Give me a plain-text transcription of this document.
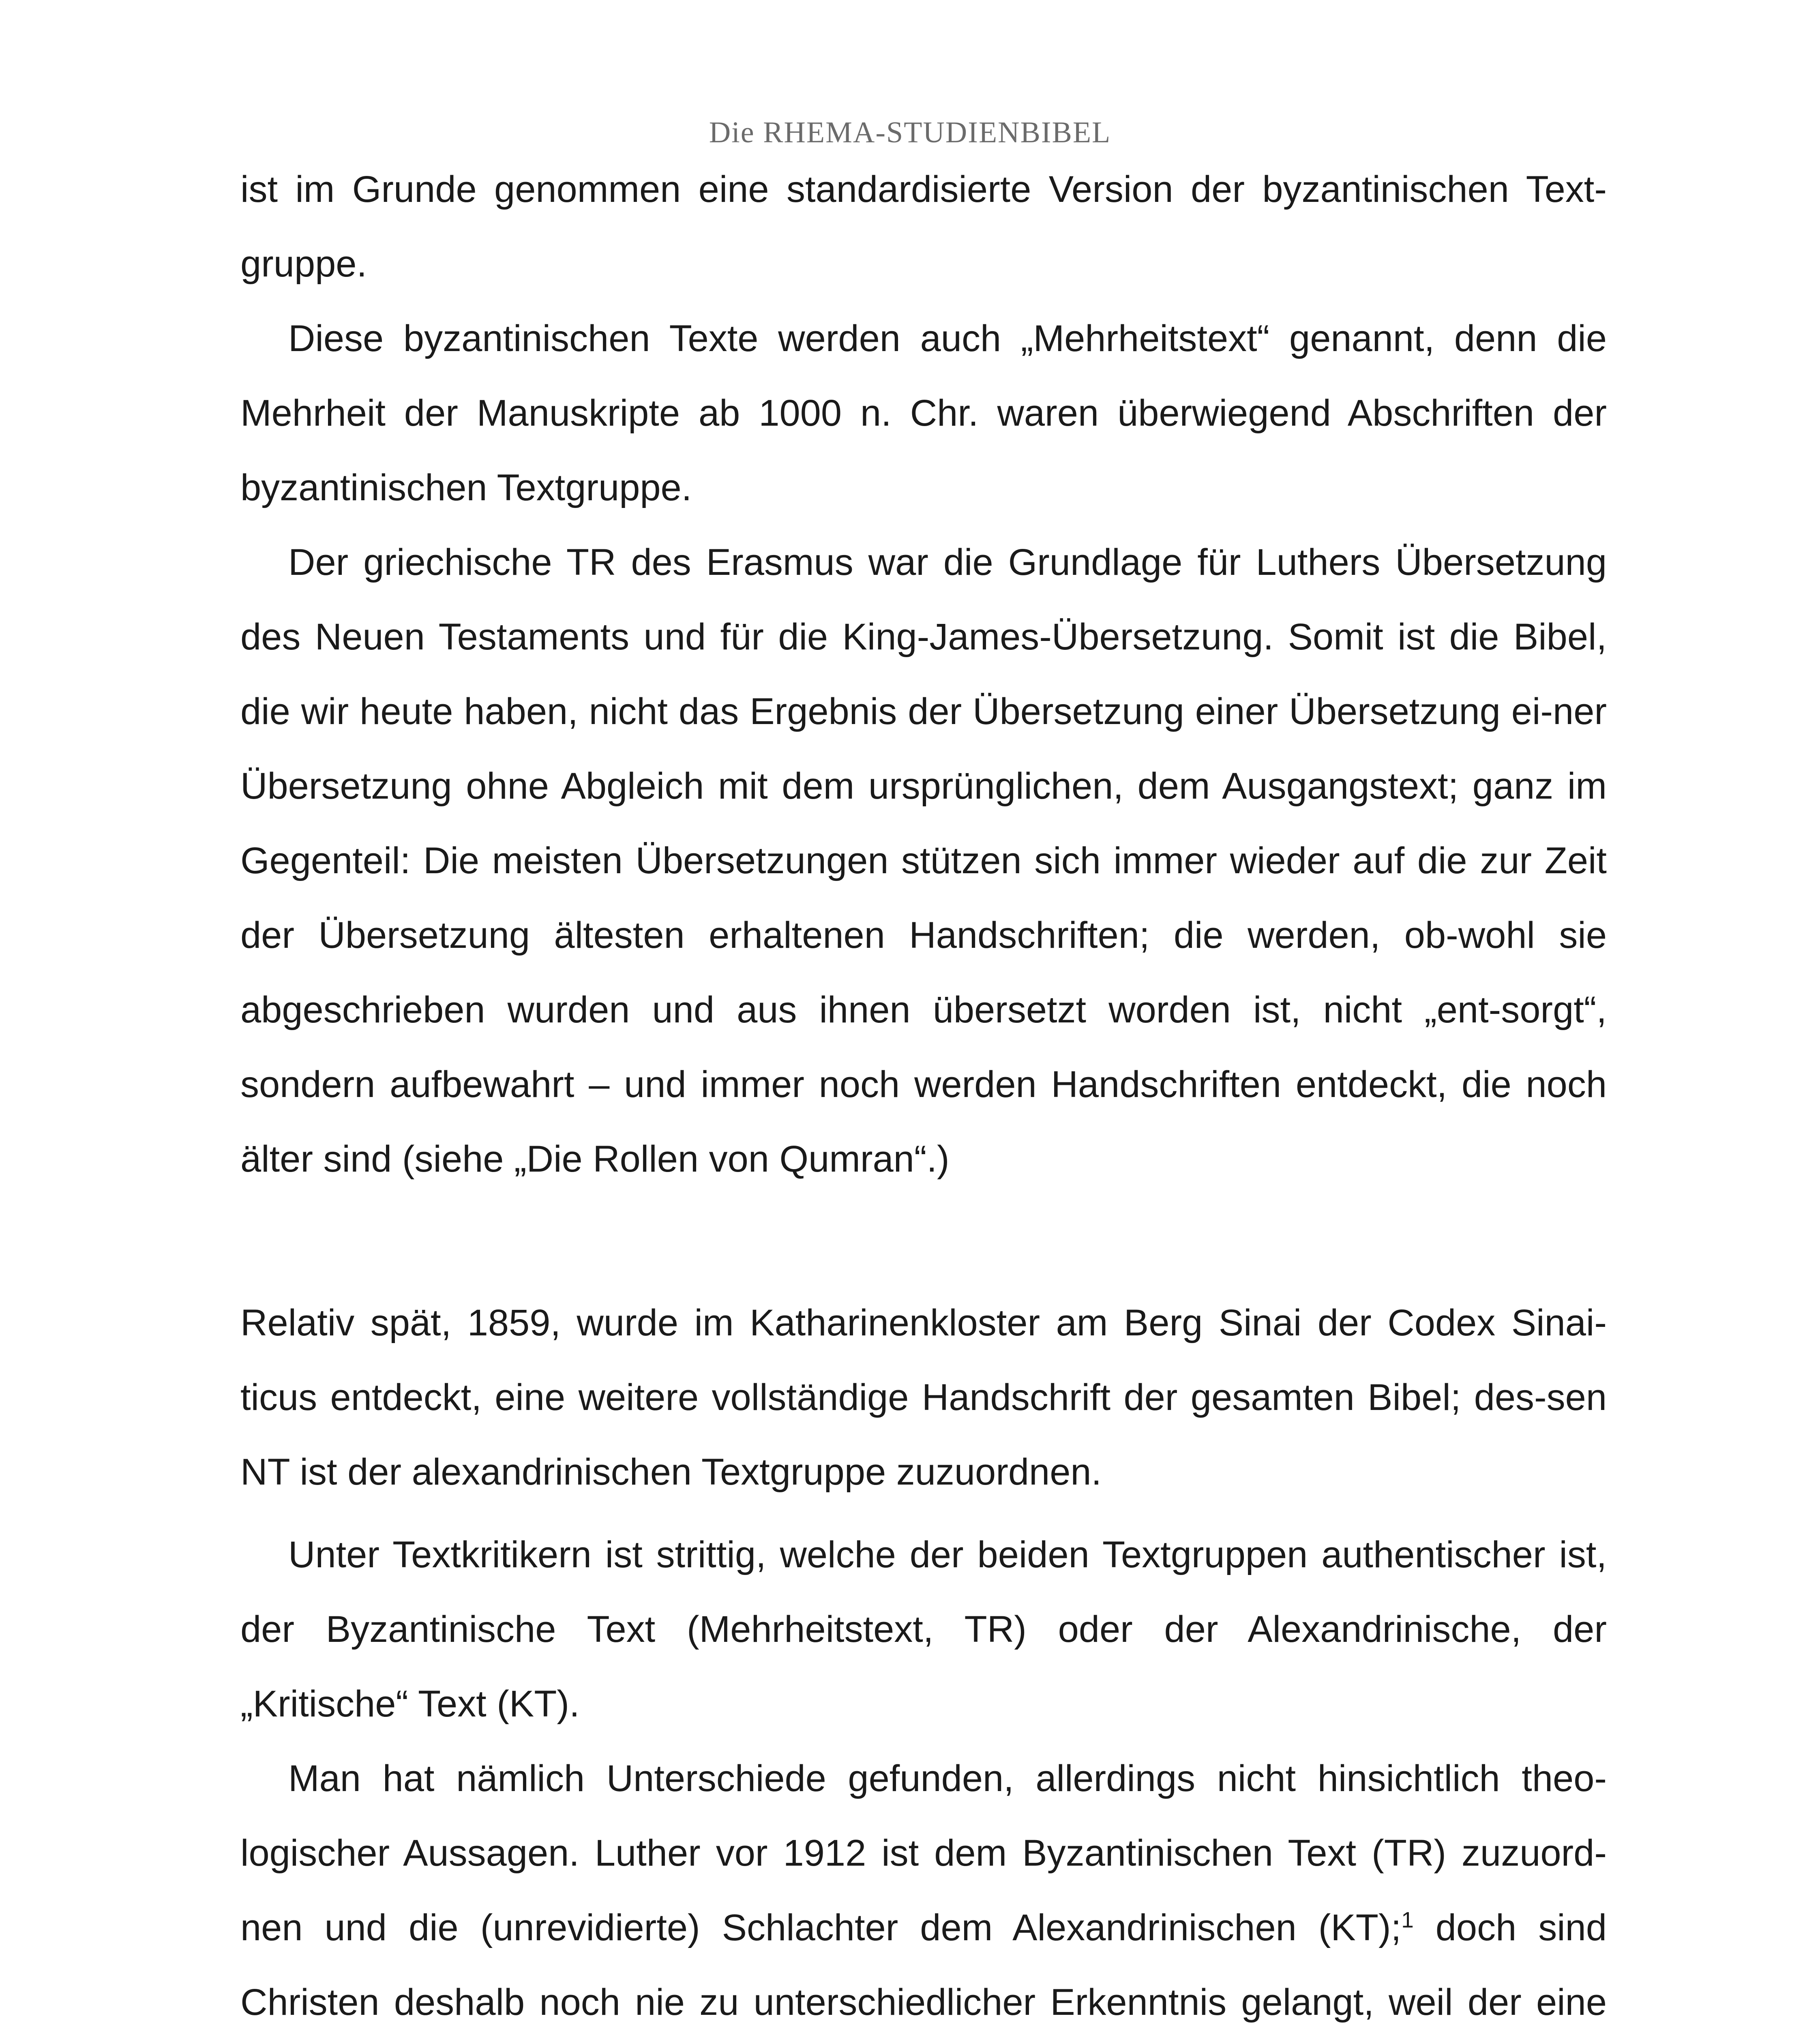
Die RHEMA-STUDIENBIBEL

ist im Grunde genommen eine standardisierte Version der byzantinischen Text-gruppe.

Diese byzantinischen Texte werden auch „Mehrheitstext“ genannt, denn die Mehrheit der Manuskripte ab 1000 n. Chr. waren überwiegend Abschriften der byzantinischen Textgruppe.

Der griechische TR des Erasmus war die Grundlage für Luthers Übersetzung des Neuen Testaments und für die King-James-Übersetzung. Somit ist die Bibel, die wir heute haben, nicht das Ergebnis der Übersetzung einer Übersetzung ei-ner Übersetzung ohne Abgleich mit dem ursprünglichen, dem Ausgangstext; ganz im Gegenteil: Die meisten Übersetzungen stützen sich immer wieder auf die zur Zeit der Übersetzung ältesten erhaltenen Handschriften; die werden, ob-wohl sie abgeschrieben wurden und aus ihnen übersetzt worden ist, nicht „ent-sorgt“, sondern aufbewahrt – und immer noch werden Handschriften entdeckt, die noch älter sind (siehe „Die Rollen von Qumran“.)

Relativ spät, 1859, wurde im Katharinenkloster am Berg Sinai der Codex Sinai-ticus entdeckt, eine weitere vollständige Handschrift der gesamten Bibel; des-sen NT ist der alexandrinischen Textgruppe zuzuordnen.

Unter Textkritikern ist strittig, welche der beiden Textgruppen authentischer ist, der Byzantinische Text (Mehrheitstext, TR) oder der Alexandrinische, der „Kritische“ Text (KT).

Man hat nämlich Unterschiede gefunden, allerdings nicht hinsichtlich theo-logischer Aussagen. Luther vor 1912 ist dem Byzantinischen Text (TR) zuzuord-nen und die (unrevidierte) Schlachter dem Alexandrinischen (KT);$^1$ doch sind Christen deshalb noch nie zu unterschiedlicher Erkenntnis gelangt, weil der eine
